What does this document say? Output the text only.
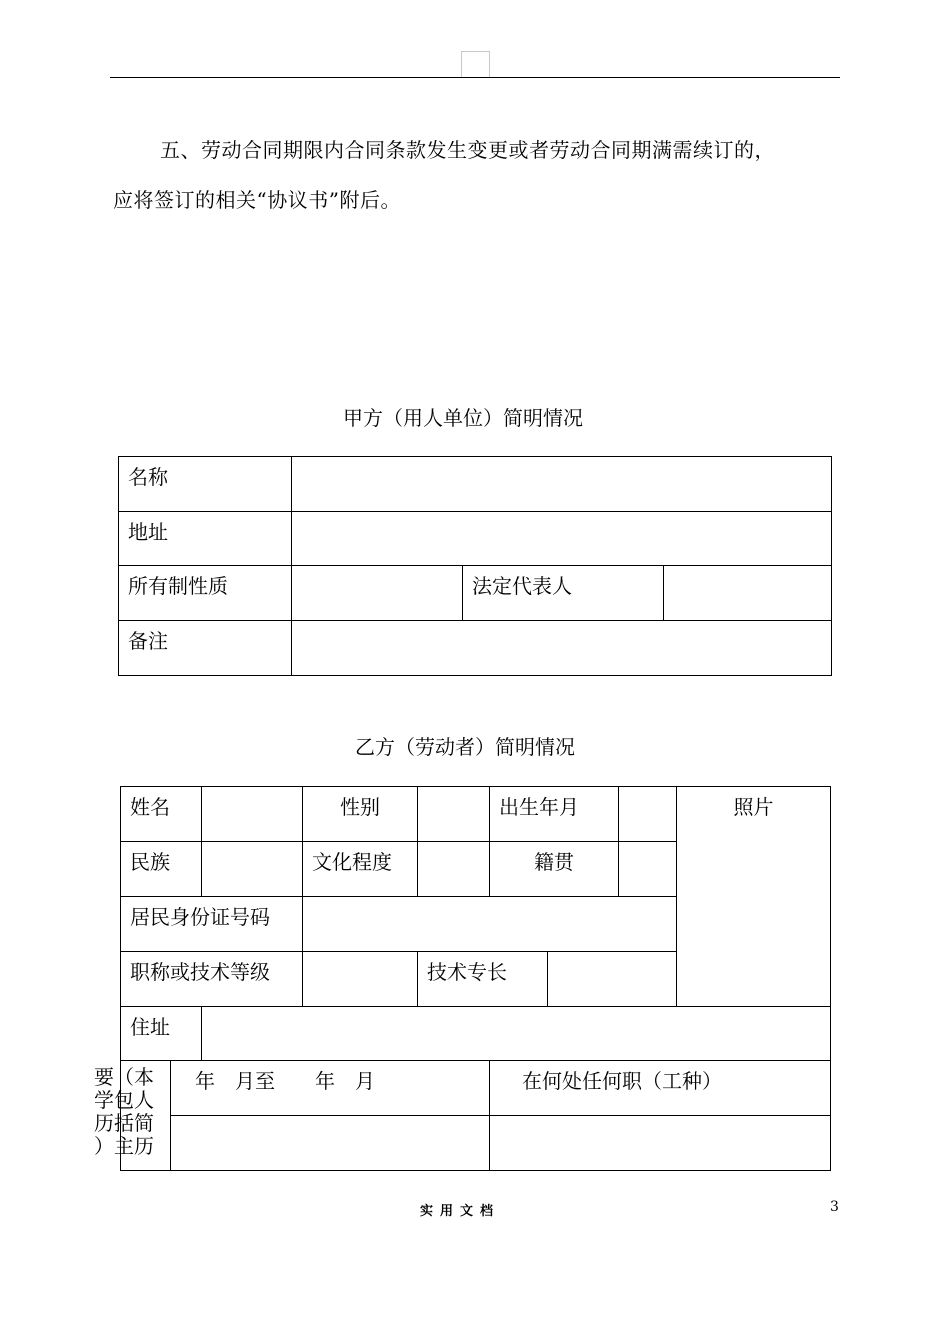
五、劳动合同期限内合同条款发生变更或者劳动合同期满需续订的，
应将签订的相关“协议书”附后。
甲方（用人单位）简明情况
名称			

地址			

所有制性质		法定代表人	

备注			

乙方（劳动者）简明情况
姓名			性别		出生年月			照片

民族			文化程度		籍贯			

居民身份证号码								

职称或技术等级				技术专长				

住址								

	年　月至　　年　月				在何处任何职（工种）			

要（本
学包人
历括简
）主历
实用文档	3
